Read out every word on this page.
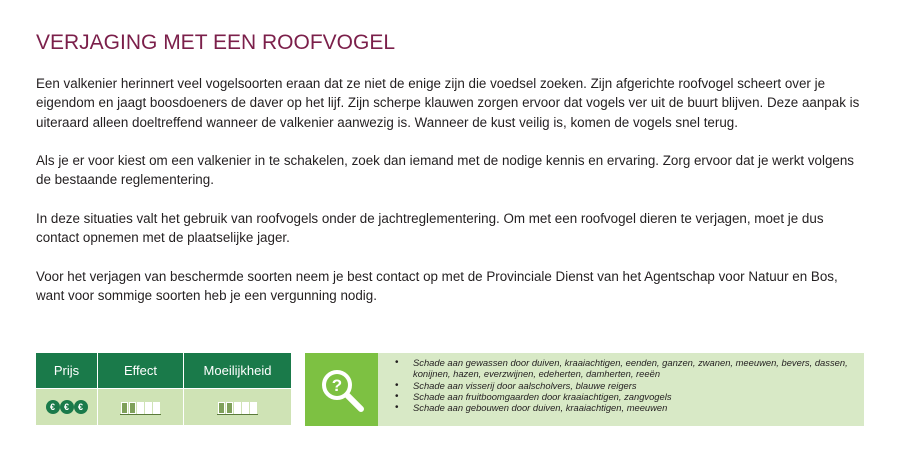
VERJAGING MET EEN ROOFVOGEL

Een valkenier herinnert veel vogelsoorten eraan dat ze niet de enige zijn die voedsel zoeken. Zijn afgerichte roofvogel scheert over je eigendom en jaagt boosdoeners de daver op het lijf. Zijn scherpe klauwen zorgen ervoor dat vogels ver uit de buurt blijven. Deze aanpak is uiteraard alleen doeltreffend wanneer de valkenier aanwezig is. Wanneer de kust veilig is, komen de vogels snel terug.

Als je er voor kiest om een valkenier in te schakelen, zoek dan iemand met de nodige kennis en ervaring. Zorg ervoor dat je werkt volgens de bestaande reglementering.

In deze situaties valt het gebruik van roofvogels onder de jachtreglementering. Om met een roofvogel dieren te verjagen, moet je dus contact opnemen met de plaatselijke jager.

Voor het verjagen van beschermde soorten neem je best contact op met de Provinciale Dienst van het Agentschap voor Natuur en Bos, want voor sommige soorten heb je een vergunning nodig.

Prijs	Effect	Moeilijkheid
€ € €
?
• Schade aan gewassen door duiven, kraaiachtigen, eenden, ganzen, zwanen, meeuwen, bevers, dassen, konijnen, hazen, everzwijnen, edeherten, damherten, reeën
• Schade aan visserij door aalscholvers, blauwe reigers
• Schade aan fruitboomgaarden door kraaiachtigen, zangvogels
• Schade aan gebouwen door duiven, kraaiachtigen, meeuwen
